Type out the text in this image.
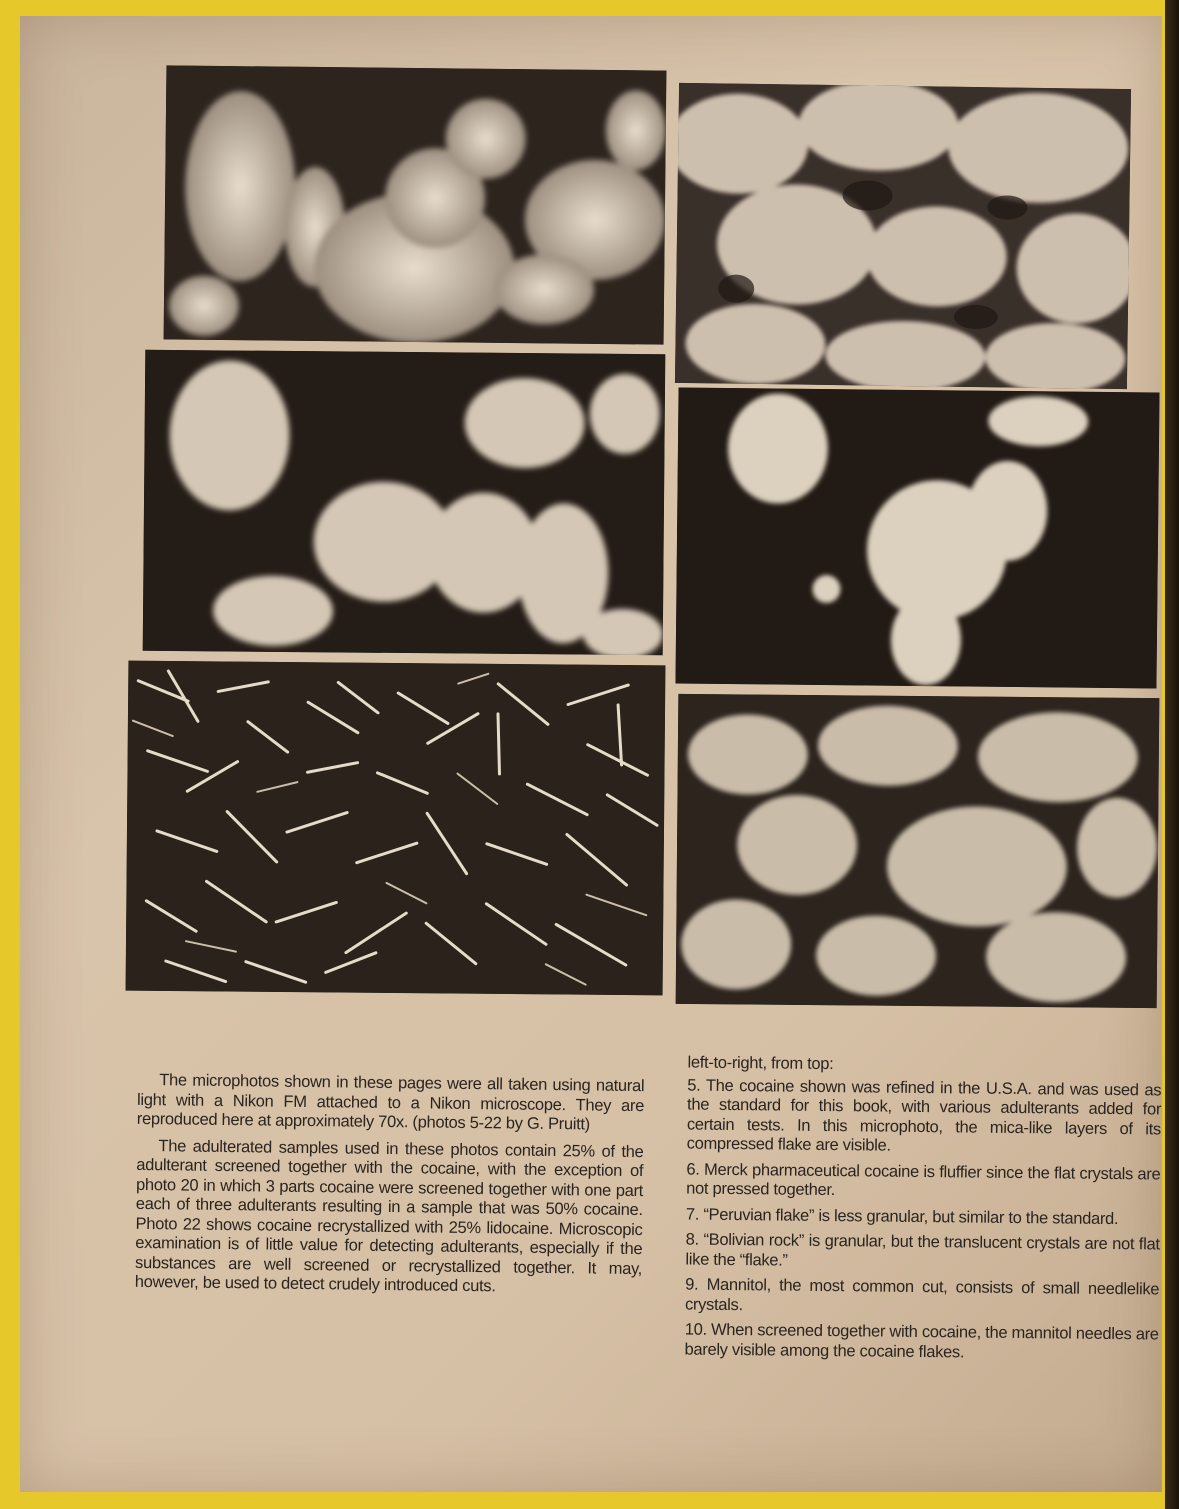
The microphotos shown in these pages were all taken using natural light with a Nikon FM attached to a Nikon microscope. They are reproduced here at approximately 70x. (photos 5-22 by G. Pruitt)

The adulterated samples used in these photos contain 25% of the adulterant screened together with the cocaine, with the exception of photo 20 in which 3 parts cocaine were screened together with one part each of three adulterants resulting in a sample that was 50% cocaine. Photo 22 shows cocaine recrystallized with 25% lidocaine. Microscopic examination is of little value for detecting adulterants, especially if the substances are well screened or recrystallized together. It may, however, be used to detect crudely introduced cuts.

left-to-right, from top:

5. The cocaine shown was refined in the U.S.A. and was used as the standard for this book, with various adulterants added for certain tests. In this microphoto, the mica-like layers of its compressed flake are visible.

6. Merck pharmaceutical cocaine is fluffier since the flat crystals are not pressed together.

7. “Peruvian flake” is less granular, but similar to the standard.

8. “Bolivian rock” is granular, but the translucent crystals are not flat like the “flake.”

9. Mannitol, the most common cut, consists of small needlelike crystals.

10. When screened together with cocaine, the mannitol needles are barely visible among the cocaine flakes.
